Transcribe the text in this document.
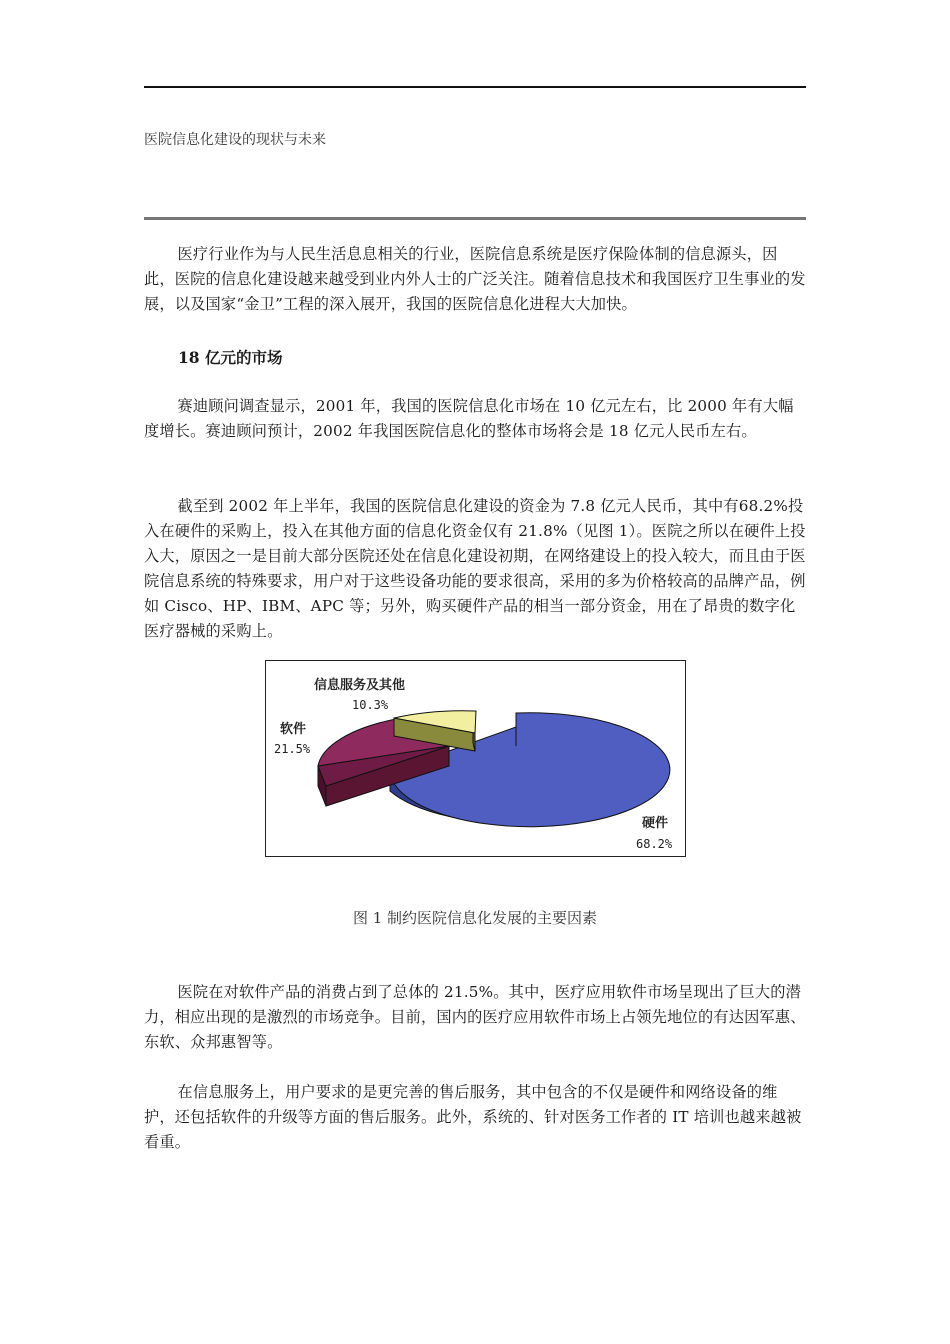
医院信息化建设的现状与未来

医疗行业作为与人民生活息息相关的行业，医院信息系统是医疗保险体制的信息源头，因此，医院的信息化建设越来越受到业内外人士的广泛关注。随着信息技术和我国医疗卫生事业的发展，以及国家“金卫”工程的深入展开，我国的医院信息化进程大大加快。

18 亿元的市场

赛迪顾问调查显示，2001 年，我国的医院信息化市场在 10 亿元左右，比 2000 年有大幅度增长。赛迪顾问预计，2002 年我国医院信息化的整体市场将会是 18 亿元人民币左右。

截至到 2002 年上半年，我国的医院信息化建设的资金为 7.8 亿元人民币，其中有68.2%投入在硬件的采购上，投入在其他方面的信息化资金仅有 21.8%（见图 1）。医院之所以在硬件上投入大，原因之一是目前大部分医院还处在信息化建设初期，在网络建设上的投入较大，而且由于医院信息系统的特殊要求，用户对于这些设备功能的要求很高，采用的多为价格较高的品牌产品，例如 Cisco、HP、IBM、APC 等；另外，购买硬件产品的相当一部分资金，用在了昂贵的数字化医疗器械的采购上。

信息服务及其他
10.3%
软件
21.5%
硬件
68.2%
图 1 制约医院信息化发展的主要因素

医院在对软件产品的消费占到了总体的 21.5%。其中，医疗应用软件市场呈现出了巨大的潜力，相应出现的是激烈的市场竞争。目前，国内的医疗应用软件市场上占领先地位的有达因军惠、东软、众邦惠智等。

在信息服务上，用户要求的是更完善的售后服务，其中包含的不仅是硬件和网络设备的维护，还包括软件的升级等方面的售后服务。此外，系统的、针对医务工作者的 IT 培训也越来越被看重。
